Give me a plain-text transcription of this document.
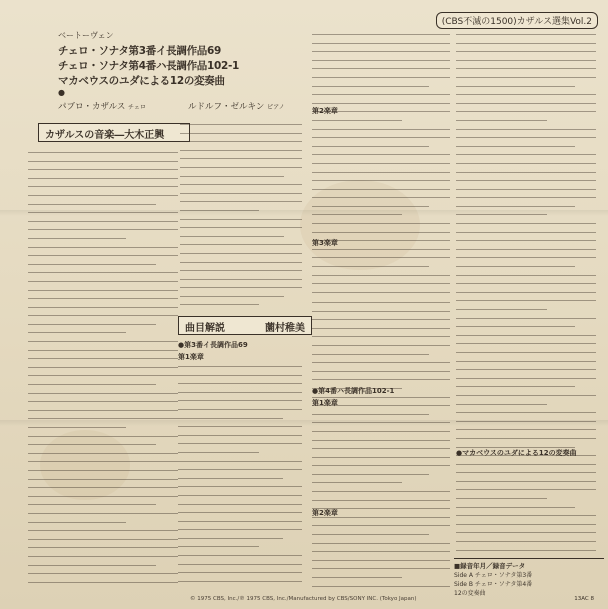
(CBS不滅の1500)カザルス選集Vol.2
ベートーヴェン
チェロ・ソナタ第3番イ長調作品69
チェロ・ソナタ第4番ハ長調作品102-1
マカベウスのユダによる12の変奏曲
●
パブロ・カザルス チェロ	ルドルフ・ゼルキン ピアノ
カザルスの音楽―大木正興
曲目解説	薗村稚美
●第3番イ長調作品69
第1楽章
第2楽章
第3楽章
●第4番ハ長調作品102-1
第1楽章
第2楽章
●マカベウスのユダによる12の変奏曲
■録音年月／録音データ
Side A チェロ・ソナタ第3番
Side B チェロ・ソナタ第4番
12の変奏曲
© 1975 CBS, Inc./℗ 1975 CBS, Inc./Manufactured by CBS/SONY INC. (Tokyo Japan)	13AC 8
